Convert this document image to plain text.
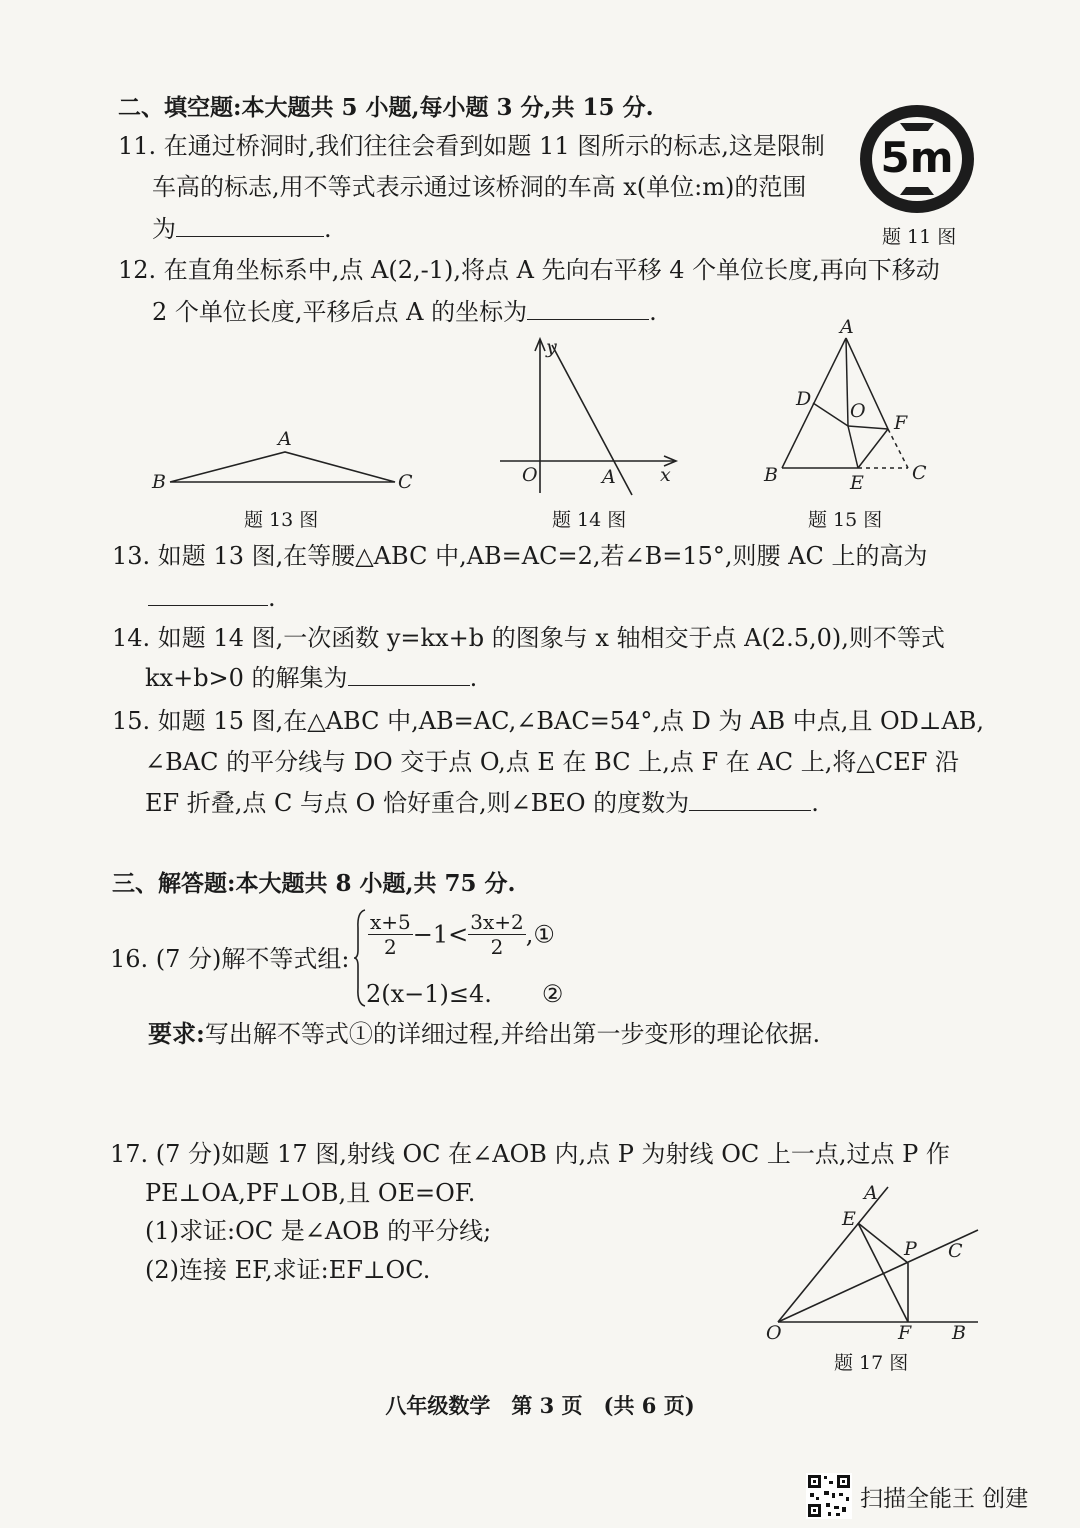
二、填空题:本大题共 5 小题,每小题 3 分,共 15 分.
11. 在通过桥洞时,我们往往会看到如题 11 图所示的标志,这是限制
车高的标志,用不等式表示通过该桥洞的车高 x(单位:m)的范围
为	.
5m
题 11 图
12. 在直角坐标系中,点 A(2,-1),将点 A 先向右平移 4 个单位长度,再向下移动
2 个单位长度,平移后点 A 的坐标为	.
A
B	C
y
O	A x
A
D
O
F
B	E	C
题 13 图	题 14 图	题 15 图
13. 如题 13 图,在等腰△ABC 中,AB=AC=2,若∠B=15°,则腰 AC 上的高为
.
14. 如题 14 图,一次函数 y=kx+b 的图象与 x 轴相交于点 A(2.5,0),则不等式
kx+b>0 的解集为	.
15. 如题 15 图,在△ABC 中,AB=AC,∠BAC=54°,点 D 为 AB 中点,且 OD⊥AB,
∠BAC 的平分线与 DO 交于点 O,点 E 在 BC 上,点 F 在 AC 上,将△CEF 沿
EF 折叠,点 C 与点 O 恰好重合,则∠BEO 的度数为	.
三、解答题:本大题共 8 小题,共 75 分.
16. (7 分)解不等式组: $\frac{x+5}{2} -1< \frac{3x+2}{2}$ ,①
2(x−1)≤4. ②
要求:写出解不等式①的详细过程,并给出第一步变形的理论依据.
17. (7 分)如题 17 图,射线 OC 在∠AOB 内,点 P 为射线 OC 上一点,过点 P 作
PE⊥OA,PF⊥OB,且 OE=OF.
(1)求证:OC 是∠AOB 的平分线;
(2)连接 EF,求证:EF⊥OC.
A
E
P C
O	F B
题 17 图
八年级数学　第 3 页　(共 6 页)
扫描全能王 创建
